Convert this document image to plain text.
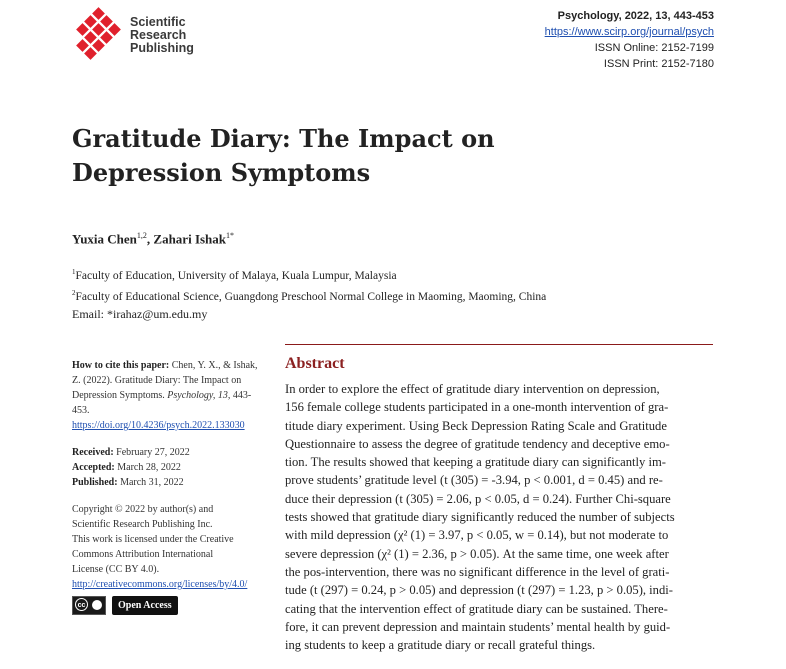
Scientific
Research
Publishing
Psychology, 2022, 13, 443-453
https://www.scirp.org/journal/psych
ISSN Online: 2152-7199
ISSN Print: 2152-7180
Gratitude Diary: The Impact on
Depression Symptoms
Yuxia Chen$^{1,2}$, Zahari Ishak$^{1*}$
$^1$Faculty of Education, University of Malaya, Kuala Lumpur, Malaysia
$^2$Faculty of Educational Science, Guangdong Preschool Normal College in Maoming, Maoming, China
Email: *irahaz@um.edu.my
How to cite this paper: Chen, Y. X., & Ishak, Z. (2022). Gratitude Diary: The Impact on Depression Symptoms. Psychology, 13, 443-453.
https://doi.org/10.4236/psych.2022.133030
Received: February 27, 2022
Accepted: March 28, 2022
Published: March 31, 2022
Copyright © 2022 by author(s) and
Scientific Research Publishing Inc.
This work is licensed under the Creative
Commons Attribution International
License (CC BY 4.0).
http://creativecommons.org/licenses/by/4.0/
cc	Open Access
Abstract
In order to explore the effect of gratitude diary intervention on depression,
156 female college students participated in a one-month intervention of gra-
titude diary experiment. Using Beck Depression Rating Scale and Gratitude
Questionnaire to assess the degree of gratitude tendency and deceptive emo-
tion. The results showed that keeping a gratitude diary can significantly im-
prove students’ gratitude level (t (305) = -3.94, p < 0.001, d = 0.45) and re-
duce their depression (t (305) = 2.06, p < 0.05, d = 0.24). Further Chi-square
tests showed that gratitude diary significantly reduced the number of subjects
with mild depression (χ² (1) = 3.97, p < 0.05, w = 0.14), but not moderate to
severe depression (χ² (1) = 2.36, p > 0.05). At the same time, one week after
the pos-intervention, there was no significant difference in the level of grati-
tude (t (297) = 0.24, p > 0.05) and depression (t (297) = 1.23, p > 0.05), indi-
cating that the intervention effect of gratitude diary can be sustained. There-
fore, it can prevent depression and maintain students’ mental health by guid-
ing students to keep a gratitude diary or recall grateful things.
